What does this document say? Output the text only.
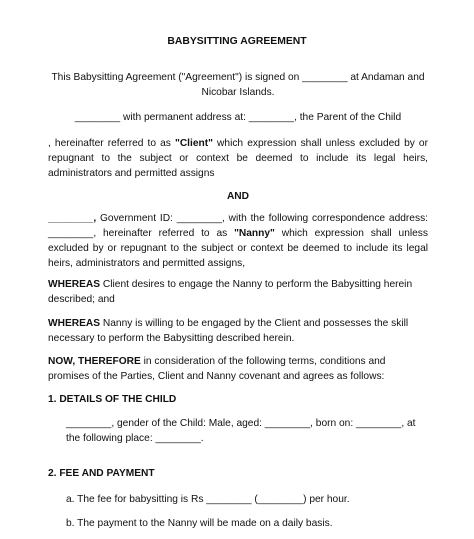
BABYSITTING AGREEMENT

This Babysitting Agreement ("Agreement") is signed on ________ at Andaman and Nicobar Islands.

________ with permanent address at: ________, the Parent of the Child

, hereinafter referred to as "Client" which expression shall unless excluded by or repugnant to the subject or context be deemed to include its legal heirs, administrators and permitted assigns

AND

________, Government ID: ________, with the following correspondence address: ________, hereinafter referred to as "Nanny" which expression shall unless excluded by or repugnant to the subject or context be deemed to include its legal heirs, administrators and permitted assigns,

WHEREAS Client desires to engage the Nanny to perform the Babysitting herein described; and

WHEREAS Nanny is willing to be engaged by the Client and possesses the skill necessary to perform the Babysitting described herein.

NOW, THEREFORE in consideration of the following terms, conditions and promises of the Parties, Client and Nanny covenant and agrees as follows:

1. DETAILS OF THE CHILD

________, gender of the Child: Male, aged: ________, born on: ________, at the following place: ________.

2. FEE AND PAYMENT

a. The fee for babysitting is Rs ________ (________) per hour.

b. The payment to the Nanny will be made on a daily basis.
